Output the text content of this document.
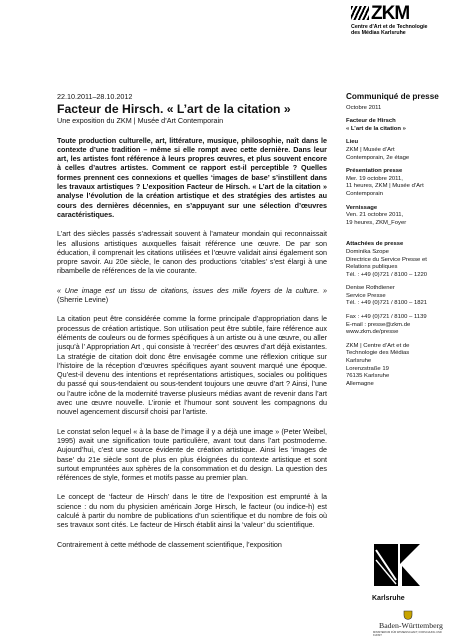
ZKM
Centre d'Art et de Technologie
des Médias Karlsruhe
22.10.2011–28.10.2012
Facteur de Hirsch. « L’art de la citation »
Une exposition du ZKM | Musée d’Art Contemporain

Toute production culturelle, art, littérature, musique, philosophie, naît dans le contexte d’une tradition – même si elle rompt avec cette dernière. Dans leur art, les artistes font référence à leurs propres œuvres, et plus souvent encore à celles d’autres artistes. Comment ce rapport est-il perceptible ? Quelles formes prennent ces connexions et quelles ‘images de base’ s’instillent dans les travaux artistiques ? L’exposition Facteur de Hirsch. « L’art de la citation » analyse l’évolution de la création artistique et des stratégies des artistes au cours des dernières décennies, en s’appuyant sur une sélection d’œuvres caractéristiques.

L’art des siècles passés s’adressait souvent à l’amateur mondain qui reconnaissait les allusions artistiques auxquelles faisait référence une œuvre. De par son éducation, il comprenait les citations utilisées et l’œuvre validait ainsi également son propre savoir. Au 20e siècle, le canon des productions ‘citables’ s’est élargi à une ribambelle de références de la vie courante.

« Une image est un tissu de citations, issues des mille foyers de la culture. » (Sherrie Levine)

La citation peut être considérée comme la forme principale d’appropriation dans le processus de création artistique. Son utilisation peut être subtile, faire référence aux éléments de couleurs ou de formes spécifiques à un artiste ou à une œuvre, ou aller jusqu’à l’ Appropriation Art , qui consiste à ‘recréer’ des œuvres d’art déjà existantes. La stratégie de citation doit donc être envisagée comme une réflexion critique sur l’histoire de la réception d’œuvres spécifiques ayant souvent marqué une époque. Qu’est-il devenu des intentions et représentations artistiques, sociales ou politiques du passé qui sous-tendaient ou sous-tendent toujours une œuvre d’art ? Ainsi, l’une ou l’autre icône de la modernité traverse plusieurs médias avant de revenir dans l’art avec une œuvre nouvelle. L’ironie et l’humour sont souvent les compagnons du nouvel agencement discursif choisi par l’artiste.

Le constat selon lequel « à la base de l’image il y a déjà une image » (Peter Weibel, 1995) avait une signification toute particulière, avant tout dans l’art postmoderne. Aujourd’hui, c’est une source évidente de création artistique. Ainsi les ‘images de base’ du 21e siècle sont de plus en plus éloignées du contexte artistique et sont surtout empruntées aux sphères de la consommation et du design. La question des références de style, formes et motifs passe au premier plan.

Le concept de ‘facteur de Hirsch’ dans le titre de l’exposition est emprunté à la science : du nom du physicien américain Jorge Hirsch, le facteur (ou indice-h) est calculé à partir du nombre de publications d’un scientifique et du nombre de fois où ses travaux sont cités. Le facteur de Hirsch établit ainsi la ‘valeur’ du scientifique.

Contrairement à cette méthode de classement scientifique, l’exposition

Communiqué de presse
Octobre 2011
Facteur de Hirsch
« L’art de la citation »
Lieu
ZKM | Musée d’Art
Contemporain, 2e étage
Présentation presse
Mer. 19 octobre 2011,
11 heures, ZKM | Musée d’Art
Contemporain
Vernissage
Ven. 21 octobre 2011,
19 heures, ZKM_Foyer
Attachées de presse
Dominika Szope
Directrice du Service Presse et
Relations publiques
Tél. : +49 (0)721 / 8100 – 1220
Denise Rothdiener
Service Presse
Tél. : +49 (0)721 / 8100 – 1821
Fax : +49 (0)721 / 8100 – 1139
E-mail : presse@zkm.de
www.zkm.de/presse
ZKM | Centre d’Art et de
Technologie des Médias
Karlsruhe
Lorenzstraße 19
76135 Karlsruhe
Allemagne
Karlsruhe
Baden-Württemberg
MINISTERIUM FÜR WISSENSCHAFT, FORSCHUNG UND KUNST
